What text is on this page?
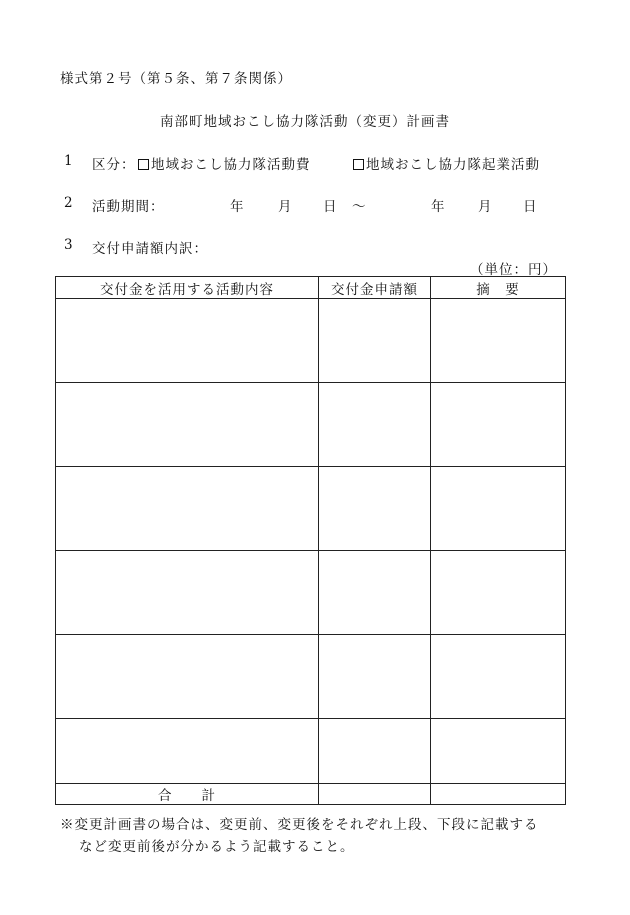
様式第２号（第５条、第７条関係）
南部町地域おこし協力隊活動（変更）計画書
1 区分：	地域おこし協力隊活動費	地域おこし協力隊起業活動
2 活動期間：	年 月 日 〜	年 月 日
3 交付申請額内訳：
（単位：円）
交付金を活用する活動内容	交付金申請額	摘　要

合　　計		
※変更計画書の場合は、変更前、変更後をそれぞれ上段、下段に記載する
など変更前後が分かるよう記載すること。
